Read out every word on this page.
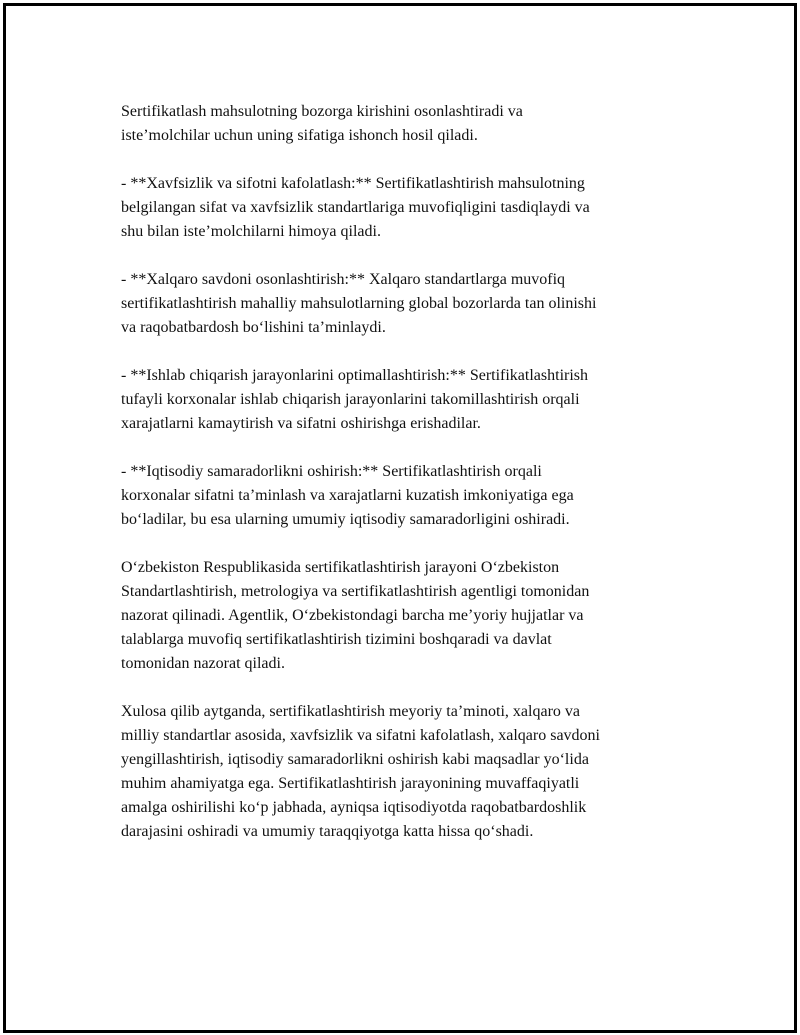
Sertifikatlash mahsulotning bozorga kirishini osonlashtiradi va
iste’molchilar uchun uning sifatiga ishonch hosil qiladi.

- **Xavfsizlik va sifotni kafolatlash:** Sertifikatlashtirish mahsulotning
belgilangan sifat va xavfsizlik standartlariga muvofiqligini tasdiqlaydi va
shu bilan iste’molchilarni himoya qiladi.

- **Xalqaro savdoni osonlashtirish:** Xalqaro standartlarga muvofiq
sertifikatlashtirish mahalliy mahsulotlarning global bozorlarda tan olinishi
va raqobatbardosh bo‘lishini ta’minlaydi.

- **Ishlab chiqarish jarayonlarini optimallashtirish:** Sertifikatlashtirish
tufayli korxonalar ishlab chiqarish jarayonlarini takomillashtirish orqali
xarajatlarni kamaytirish va sifatni oshirishga erishadilar.

- **Iqtisodiy samaradorlikni oshirish:** Sertifikatlashtirish orqali
korxonalar sifatni ta’minlash va xarajatlarni kuzatish imkoniyatiga ega
bo‘ladilar, bu esa ularning umumiy iqtisodiy samaradorligini oshiradi.

O‘zbekiston Respublikasida sertifikatlashtirish jarayoni O‘zbekiston
Standartlashtirish, metrologiya va sertifikatlashtirish agentligi tomonidan
nazorat qilinadi. Agentlik, O‘zbekistondagi barcha me’yoriy hujjatlar va
talablarga muvofiq sertifikatlashtirish tizimini boshqaradi va davlat
tomonidan nazorat qiladi.

Xulosa qilib aytganda, sertifikatlashtirish meyoriy ta’minoti, xalqaro va
milliy standartlar asosida, xavfsizlik va sifatni kafolatlash, xalqaro savdoni
yengillashtirish, iqtisodiy samaradorlikni oshirish kabi maqsadlar yo‘lida
muhim ahamiyatga ega. Sertifikatlashtirish jarayonining muvaffaqiyatli
amalga oshirilishi ko‘p jabhada, ayniqsa iqtisodiyotda raqobatbardoshlik
darajasini oshiradi va umumiy taraqqiyotga katta hissa qo‘shadi.
